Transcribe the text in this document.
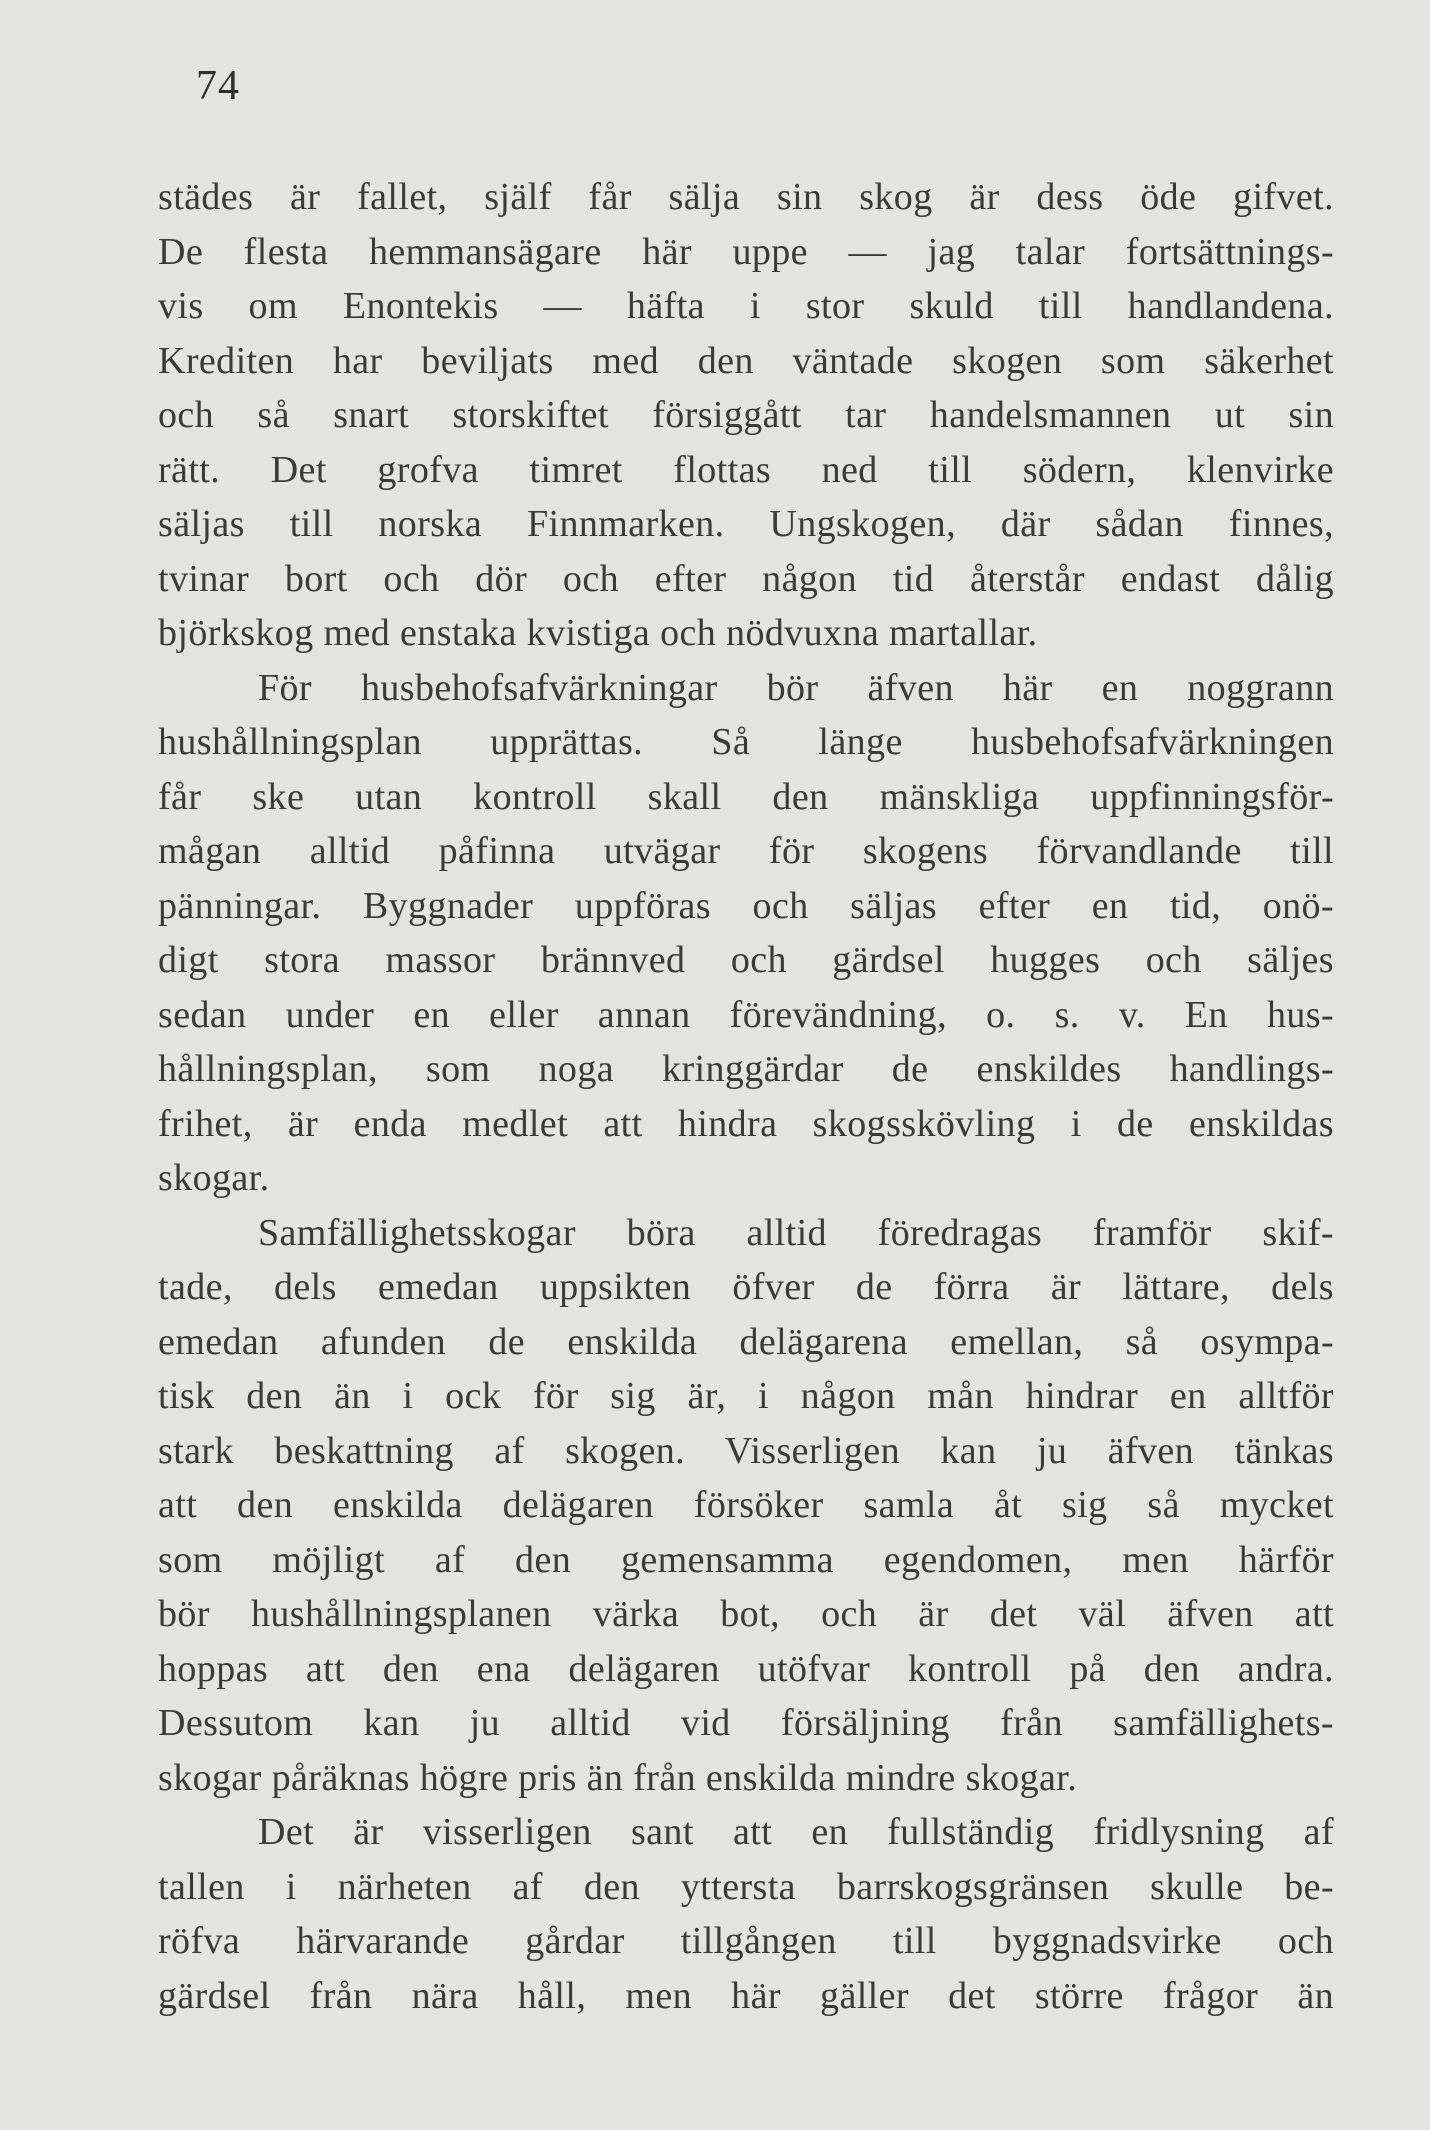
74
städes är fallet, själf får sälja sin skog är dess öde gifvet.
De flesta hemmansägare här uppe — jag talar fortsättnings-
vis om Enontekis — häfta i stor skuld till handlandena.
Krediten har beviljats med den väntade skogen som säkerhet
och så snart storskiftet försiggått tar handelsmannen ut sin
rätt. Det grofva timret flottas ned till södern, klenvirke
säljas till norska Finnmarken. Ungskogen, där sådan finnes,
tvinar bort och dör och efter någon tid återstår endast dålig
björkskog med enstaka kvistiga och nödvuxna martallar.
För husbehofsafvärkningar bör äfven här en noggrann
hushållningsplan upprättas. Så länge husbehofsafvärkningen
får ske utan kontroll skall den mänskliga uppfinningsför-
mågan alltid påfinna utvägar för skogens förvandlande till
pänningar. Byggnader uppföras och säljas efter en tid, onö-
digt stora massor brännved och gärdsel hugges och säljes
sedan under en eller annan förevändning, o. s. v. En hus-
hållningsplan, som noga kringgärdar de enskildes handlings-
frihet, är enda medlet att hindra skogsskövling i de enskildas
skogar.
Samfällighetsskogar böra alltid föredragas framför skif-
tade, dels emedan uppsikten öfver de förra är lättare, dels
emedan afunden de enskilda delägarena emellan, så osympa-
tisk den än i ock för sig är, i någon mån hindrar en alltför
stark beskattning af skogen. Visserligen kan ju äfven tänkas
att den enskilda delägaren försöker samla åt sig så mycket
som möjligt af den gemensamma egendomen, men härför
bör hushållningsplanen värka bot, och är det väl äfven att
hoppas att den ena delägaren utöfvar kontroll på den andra.
Dessutom kan ju alltid vid försäljning från samfällighets-
skogar påräknas högre pris än från enskilda mindre skogar.
Det är visserligen sant att en fullständig fridlysning af
tallen i närheten af den yttersta barrskogsgränsen skulle be-
röfva härvarande gårdar tillgången till byggnadsvirke och
gärdsel från nära håll, men här gäller det större frågor än
